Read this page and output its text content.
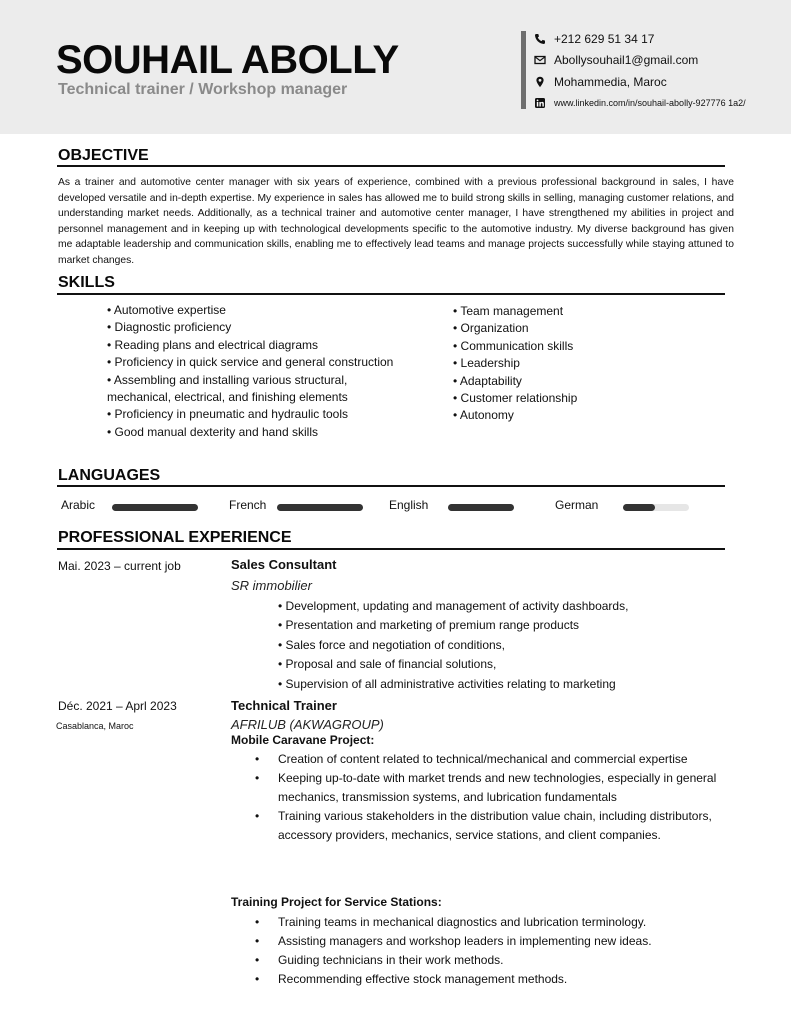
SOUHAIL ABOLLY
Technical trainer / Workshop manager
+212 629 51 34 17
Abollysouhail1@gmail.com
Mohammedia, Maroc
www.linkedin.com/in/souhail-abolly-927776 1a2/
OBJECTIVE

As a trainer and automotive center manager with six years of experience, combined with a previous professional background in sales, I have developed versatile and in-depth expertise. My experience in sales has allowed me to build strong skills in selling, managing customer relations, and understanding market needs. Additionally, as a technical trainer and automotive center manager, I have strengthened my abilities in project and personnel management and in keeping up with technological developments specific to the automotive industry. My diverse background has given me adaptable leadership and communication skills, enabling me to effectively lead teams and manage projects successfully while staying attuned to market changes.

SKILLS
• Automotive expertise
• Diagnostic proficiency
• Reading plans and electrical diagrams
• Proficiency in quick service and general construction
• Assembling and installing various structural, mechanical, electrical, and finishing elements
• Proficiency in pneumatic and hydraulic tools
• Good manual dexterity and hand skills
• Team management
• Organization
• Communication skills
• Leadership
• Adaptability
• Customer relationship
• Autonomy
LANGUAGES
Arabic	French	English	German
PROFESSIONAL EXPERIENCE
Mai. 2023 – current job	Sales Consultant
SR immobilier
• Development, updating and management of activity dashboards,
• Presentation and marketing of premium range products
• Sales force and negotiation of conditions,
• Proposal and sale of financial solutions,
• Supervision of all administrative activities relating to marketing
Déc. 2021 – Aprl 2023
Casablanca, Maroc
Technical Trainer
AFRILUB (AKWAGROUP)
Mobile Caravane Project:
• Creation of content related to technical/mechanical and commercial expertise
• Keeping up-to-date with market trends and new technologies, especially in general mechanics, transmission systems, and lubrication fundamentals
• Training various stakeholders in the distribution value chain, including distributors, accessory providers, mechanics, service stations, and client companies.
Training Project for Service Stations:
• Training teams in mechanical diagnostics and lubrication terminology.
• Assisting managers and workshop leaders in implementing new ideas.
• Guiding technicians in their work methods.
• Recommending effective stock management methods.
